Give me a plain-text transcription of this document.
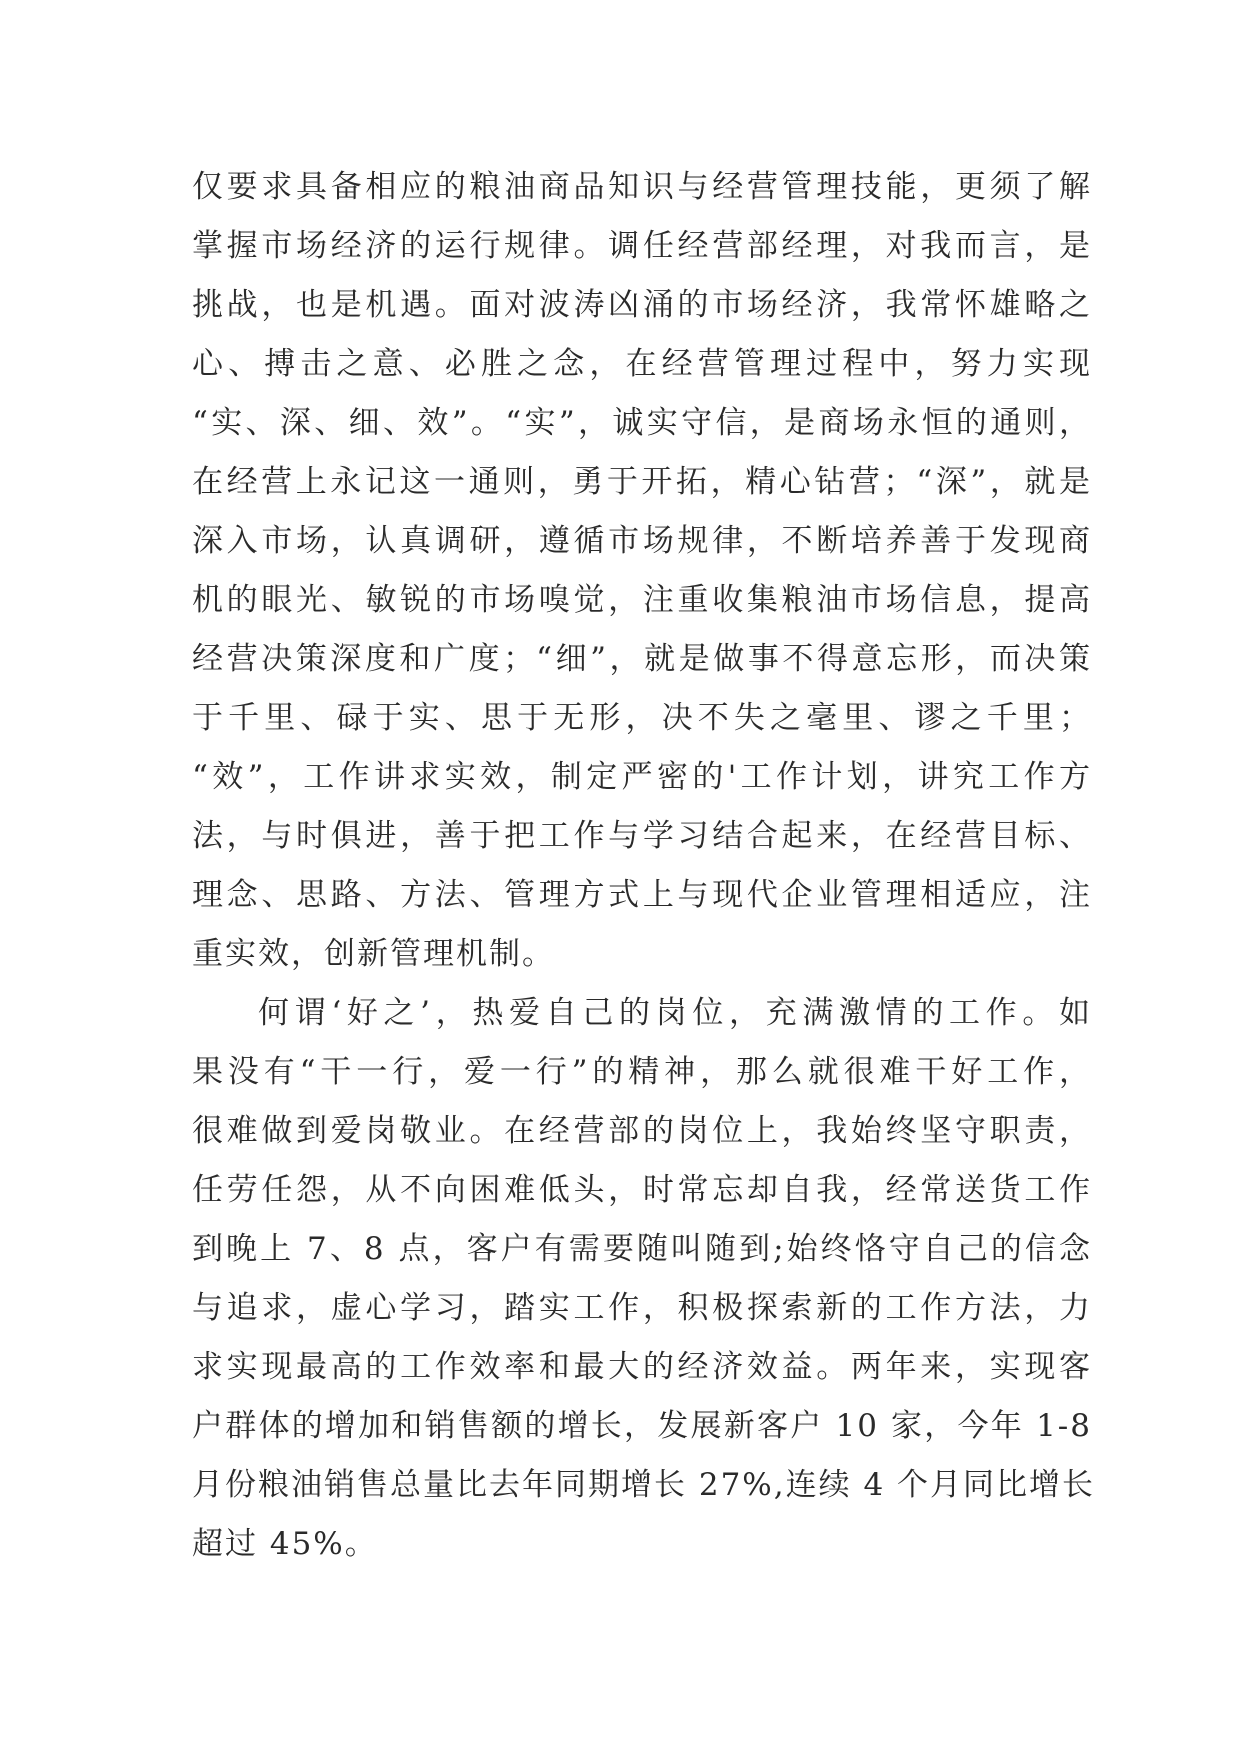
仅要求具备相应的粮油商品知识与经营管理技能，更须了解
掌握市场经济的运行规律。调任经营部经理，对我而言，是
挑战，也是机遇。面对波涛凶涌的市场经济，我常怀雄略之
心、搏击之意、必胜之念，在经营管理过程中，努力实现
“实、深、细、效”。“实”，诚实守信，是商场永恒的通则，
在经营上永记这一通则，勇于开拓，精心钻营；“深”，就是
深入市场，认真调研，遵循市场规律，不断培养善于发现商
机的眼光、敏锐的市场嗅觉，注重收集粮油市场信息，提高
经营决策深度和广度；“细”，就是做事不得意忘形，而决策
于千里、碌于实、思于无形，决不失之毫里、谬之千里；
“效”，工作讲求实效，制定严密的'工作计划，讲究工作方
法，与时俱进，善于把工作与学习结合起来，在经营目标、
理念、思路、方法、管理方式上与现代企业管理相适应，注
重实效，创新管理机制。
何谓‘好之’，热爱自己的岗位，充满激情的工作。如
果没有“干一行，爱一行”的精神，那么就很难干好工作，
很难做到爱岗敬业。在经营部的岗位上，我始终坚守职责，
任劳任怨，从不向困难低头，时常忘却自我，经常送货工作
到晚上 7、8 点，客户有需要随叫随到;始终恪守自己的信念
与追求，虚心学习，踏实工作，积极探索新的工作方法，力
求实现最高的工作效率和最大的经济效益。两年来，实现客
户群体的增加和销售额的增长，发展新客户 10 家，今年 1-8
月份粮油销售总量比去年同期增长 27%,连续 4 个月同比增长
超过 45%。
